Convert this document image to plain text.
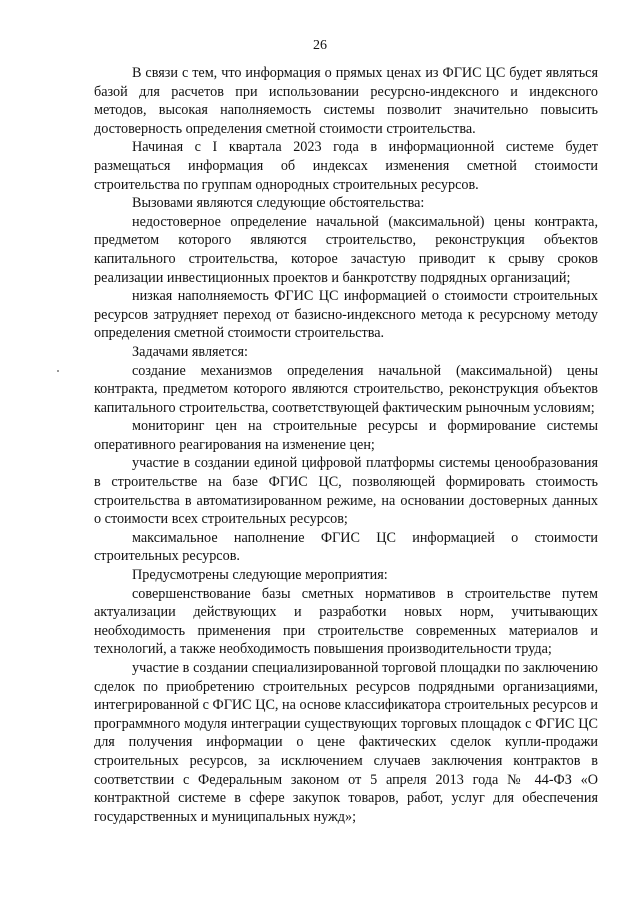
26

В связи с тем, что информация о прямых ценах из ФГИС ЦС будет являться базой для расчетов при использовании ресурсно-индексного и индексного методов, высокая наполняемость системы позволит значительно повысить достоверность определения сметной стоимости строительства.

Начиная с I квартала 2023 года в информационной системе будет размещаться информация об индексах изменения сметной стоимости строительства по группам однородных строительных ресурсов.

Вызовами являются следующие обстоятельства:

недостоверное определение начальной (максимальной) цены контракта, предметом которого являются строительство, реконструкция объектов капитального строительства, которое зачастую приводит к срыву сроков реализации инвестиционных проектов и банкротству подрядных организаций;

низкая наполняемость ФГИС ЦС информацией о стоимости строительных ресурсов затрудняет переход от базисно-индексного метода к ресурсному методу определения сметной стоимости строительства.

Задачами является:

создание механизмов определения начальной (максимальной) цены контракта, предметом которого являются строительство, реконструкция объектов капитального строительства, соответствующей фактическим рыночным условиям;

мониторинг цен на строительные ресурсы и формирование системы оперативного реагирования на изменение цен;

участие в создании единой цифровой платформы системы ценообразования в строительстве на базе ФГИС ЦС, позволяющей формировать стоимость строительства в автоматизированном режиме, на основании достоверных данных о стоимости всех строительных ресурсов;

максимальное наполнение ФГИС ЦС информацией о стоимости строительных ресурсов.

Предусмотрены следующие мероприятия:

совершенствование базы сметных нормативов в строительстве путем актуализации действующих и разработки новых норм, учитывающих необходимость применения при строительстве современных материалов и технологий, а также необходимость повышения производительности труда;

участие в создании специализированной торговой площадки по заключению сделок по приобретению строительных ресурсов подрядными организациями, интегрированной с ФГИС ЦС, на основе классификатора строительных ресурсов и программного модуля интеграции существующих торговых площадок с ФГИС ЦС для получения информации о цене фактических сделок купли-продажи строительных ресурсов, за исключением случаев заключения контрактов в соответствии с Федеральным законом от 5 апреля 2013 года № 44-ФЗ «О контрактной системе в сфере закупок товаров, работ, услуг для обеспечения государственных и муниципальных нужд»;
